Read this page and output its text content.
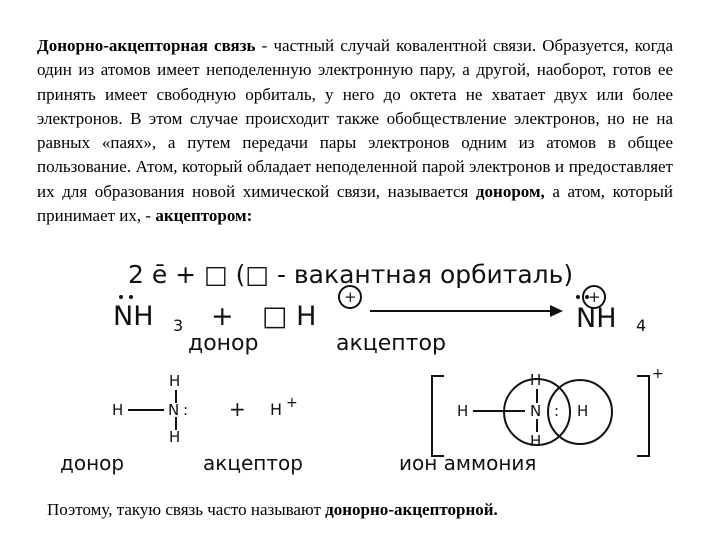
Донорно-акцепторная связь - частный случай ковалентной связи. Образуется, когда один из атомов имеет неподеленную электронную пару, а другой, наоборот, готов ее принять имеет свободную орбиталь, у него до октета не хватает двух или более электронов. В этом случае происходит также обобществление электронов, но не на равных «паях», а путем передачи пары электронов одним из атомов в общее пользование. Атом, который обладает неподеленной парой электронов и предоставляет их для образования новой химической связи, называется донором, а атом, который принимает их, - акцептором:

2 ē + □ (□ - вакантная орбиталь)
NH 3 + □ H
+
NH 4
+
донор	акцептор
H
H	N :
H
+ H +
+
H
H	N : H
H
донор	акцептор	ион аммония

Поэтому, такую связь часто называют донорно-акцепторной.
